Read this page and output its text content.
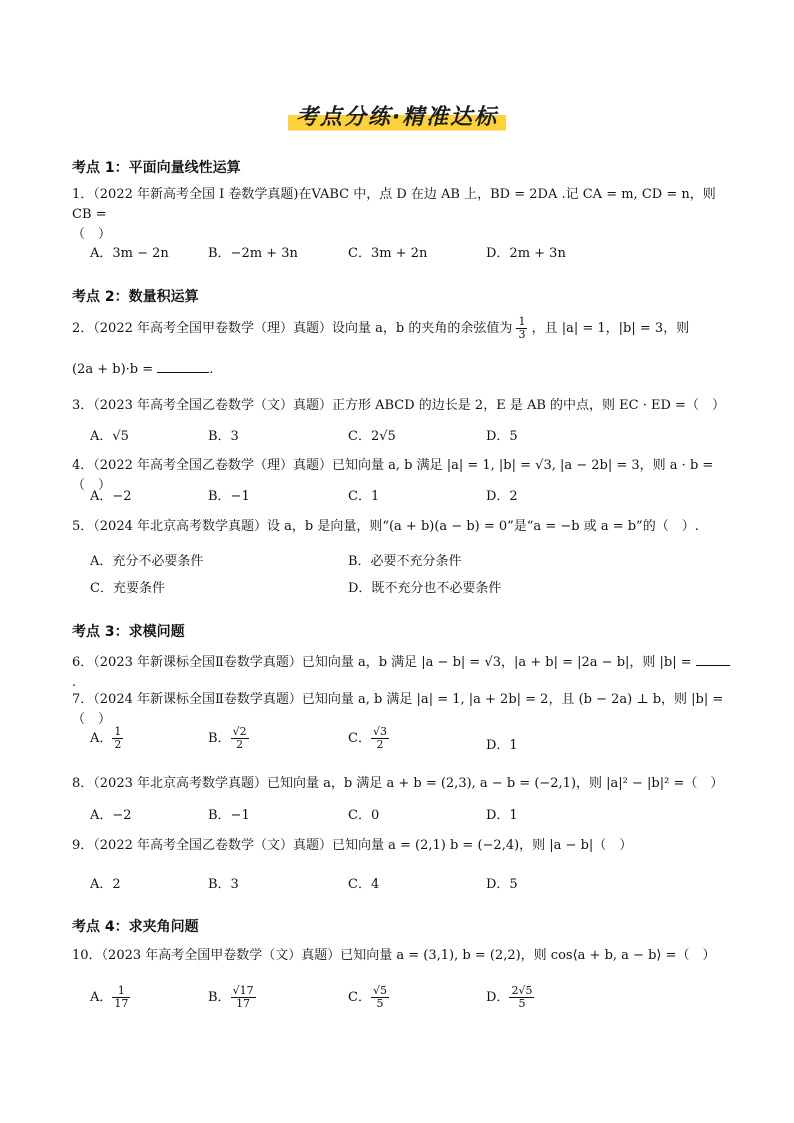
考点分练·精准达标
考点 1：平面向量线性运算
1．（2022 年新高考全国 I 卷数学真题)在VABC 中，点 D 在边 AB 上，BD = 2DA .记 CA = m, CD = n，则 CB =
（　）
A．3m − 2n	B．−2m + 3n	C．3m + 2n	D．2m + 3n
考点 2：数量积运算
2．（2022 年高考全国甲卷数学（理）真题）设向量 a，b 的夹角的余弦值为 $\frac{1}{3}$ ，且 |a| = 1，|b| = 3，则
(2a + b)·b =	.
3．（2023 年高考全国乙卷数学（文）真题）正方形 ABCD 的边长是 2，E 是 AB 的中点，则 EC · ED =（　）
A．√5	B．3	C．2√5	D．5
4．（2022 年高考全国乙卷数学（理）真题）已知向量 a, b 满足 |a| = 1, |b| = √3, |a − 2b| = 3，则 a · b =（　）
A．−2	B．−1	C．1	D．2
5．（2024 年北京高考数学真题）设 a，b 是向量，则“(a + b)(a − b) = 0”是“a = −b 或 a = b”的（　）.
A．充分不必要条件	B．必要不充分条件
C．充要条件	D．既不充分也不必要条件
考点 3：求模问题
6．（2023 年新课标全国Ⅱ卷数学真题）已知向量 a，b 满足 |a − b| = √3，|a + b| = |2a − b|，则 |b| = .
7．（2024 年新课标全国Ⅱ卷数学真题）已知向量 a, b 满足 |a| = 1, |a + 2b| = 2，且 (b − 2a) ⊥ b，则 |b| =（　）
A． $\frac{1}{2}$	B． $\frac{√2}{2}$	C． $\frac{√3}{2}$	D．1
8．（2023 年北京高考数学真题）已知向量 a，b 满足 a + b = (2,3), a − b = (−2,1)，则 |a|² − |b|² =（　）
A．−2	B．−1	C．0	D．1
9．（2022 年高考全国乙卷数学（文）真题）已知向量 a = (2,1) b = (−2,4)，则 |a − b|（　）
A．2	B．3	C．4	D．5
考点 4：求夹角问题
10．（2023 年高考全国甲卷数学（文）真题）已知向量 a = (3,1), b = (2,2)，则 cos⟨a + b, a − b⟩ =（　）
A． $\frac{1}{17}$	B． $\frac{√17}{17}$	C． $\frac{√5}{5}$	D． $\frac{2√5}{5}$
